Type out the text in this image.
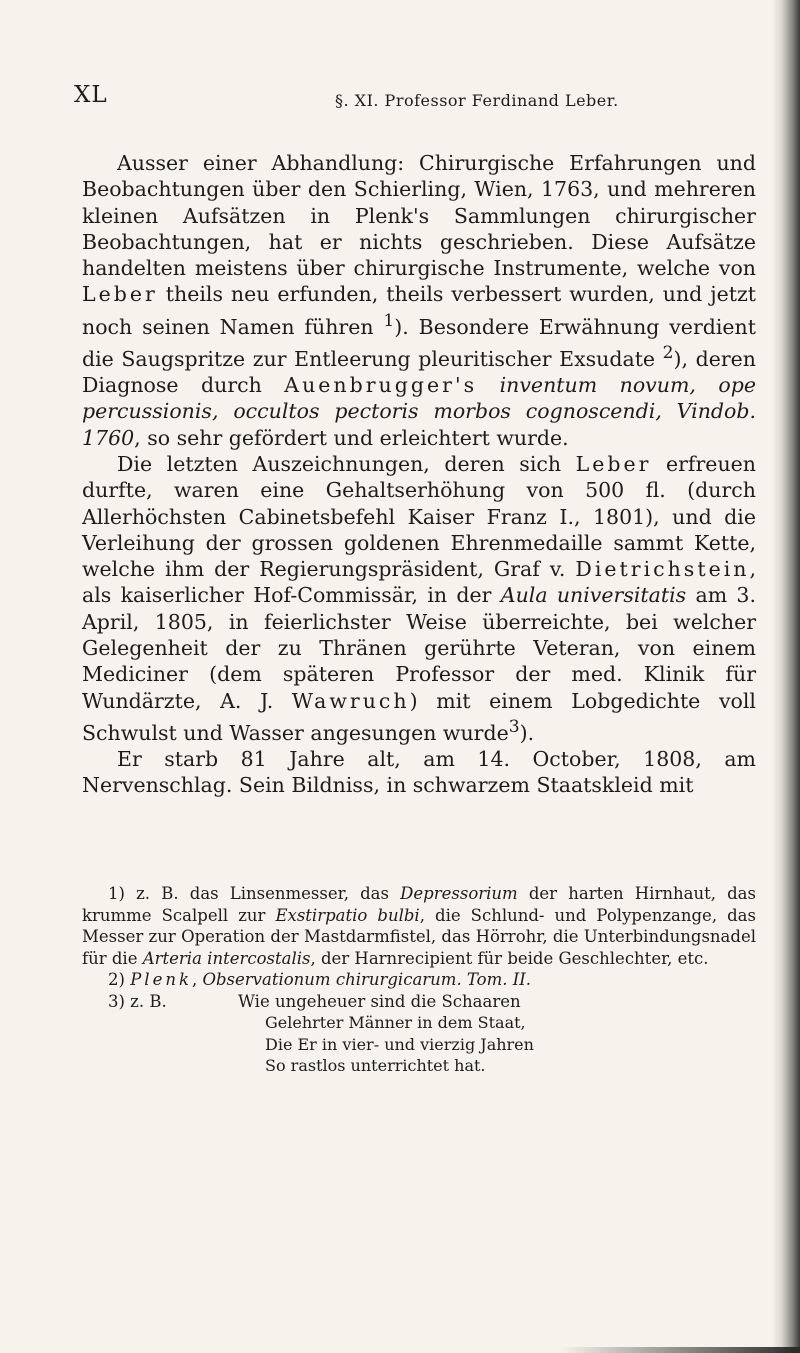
XL	§. XI. Professor Ferdinand Leber.

Ausser einer Abhandlung: Chirurgische Erfahrungen und Beobachtungen über den Schierling, Wien, 1763, und mehreren kleinen Aufsätzen in Plenk's Sammlungen chirurgischer Beobachtungen, hat er nichts geschrieben. Diese Aufsätze handelten meistens über chirurgische Instrumente, welche von Leber theils neu erfunden, theils verbessert wurden, und jetzt noch seinen Namen führen $^1$). Besondere Erwähnung verdient die Saugspritze zur Entleerung pleuritischer Exsudate $^2$), deren Diagnose durch Auenbrugger's inventum novum, ope percussionis, occultos pectoris morbos cognoscendi, Vindob. 1760, so sehr gefördert und erleichtert wurde.

Die letzten Auszeichnungen, deren sich Leber erfreuen durfte, waren eine Gehaltserhöhung von 500 fl. (durch Allerhöchsten Cabinetsbefehl Kaiser Franz I., 1801), und die Verleihung der grossen goldenen Ehrenmedaille sammt Kette, welche ihm der Regierungspräsident, Graf v. Dietrichstein, als kaiserlicher Hof-Commissär, in der Aula universitatis am 3. April, 1805, in feierlichster Weise überreichte, bei welcher Gelegenheit der zu Thränen gerührte Veteran, von einem Mediciner (dem späteren Professor der med. Klinik für Wundärzte, A. J. Wawruch) mit einem Lobgedichte voll Schwulst und Wasser angesungen wurde$^3$).

Er starb 81 Jahre alt, am 14. October, 1808, am Nervenschlag. Sein Bildniss, in schwarzem Staatskleid mit

1) z. B. das Linsenmesser, das Depressorium der harten Hirnhaut, das krumme Scalpell zur Exstirpatio bulbi, die Schlund- und Polypenzange, das Messer zur Operation der Mastdarmfistel, das Hörrohr, die Unterbindungsnadel für die Arteria intercostalis, der Harnrecipient für beide Geschlechter, etc.

2) Plenk, Observationum chirurgicarum. Tom. II.

3) z. B.	Wie ungeheuer sind die Schaaren
Gelehrter Männer in dem Staat,
Die Er in vier- und vierzig Jahren
So rastlos unterrichtet hat.
